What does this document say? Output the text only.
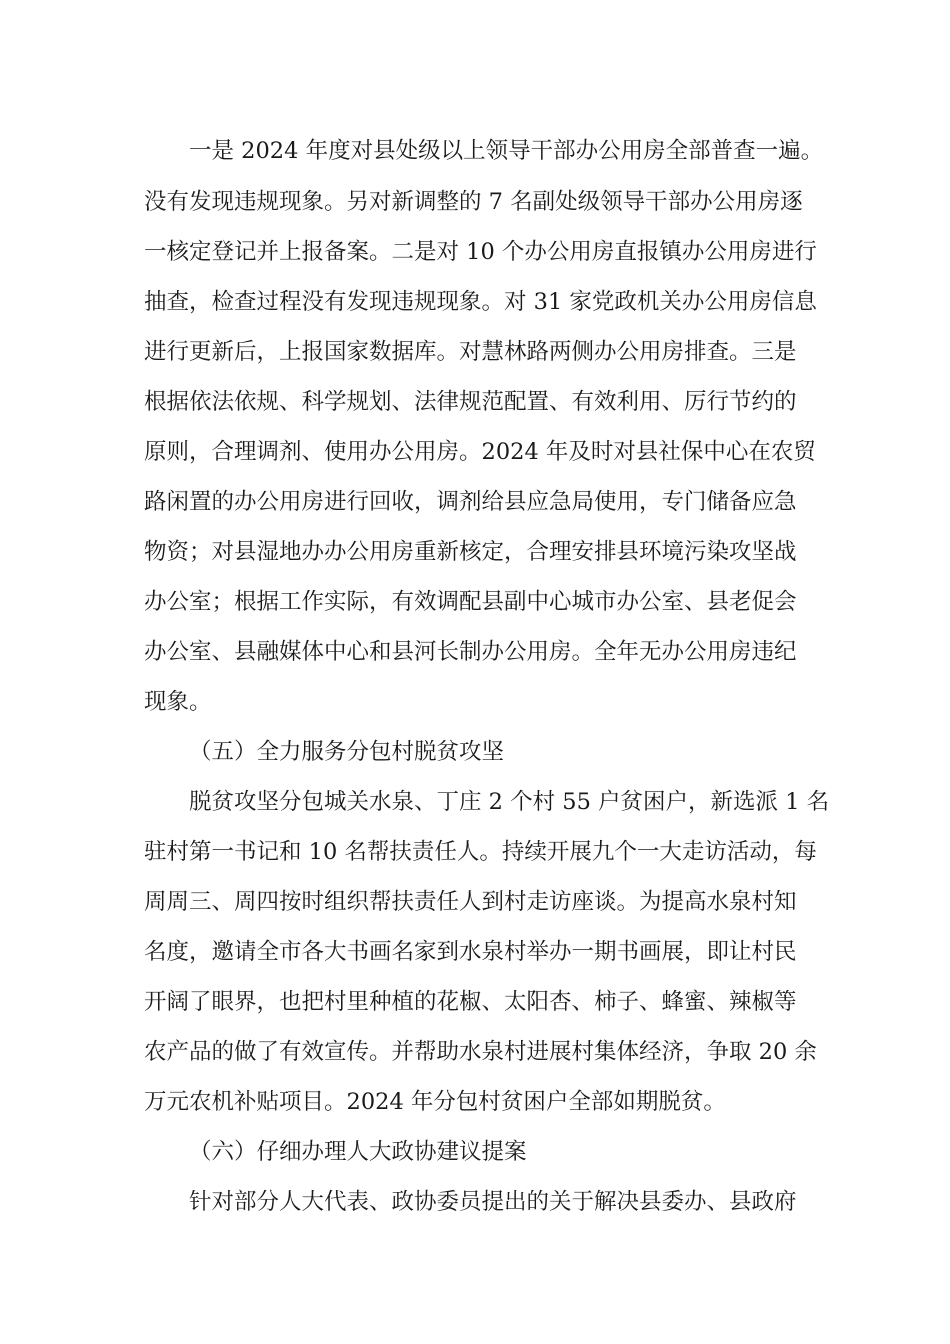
一是 2024 年度对县处级以上领导干部办公用房全部普查一遍。
没有发现违规现象。另对新调整的 7 名副处级领导干部办公用房逐
一核定登记并上报备案。二是对 10 个办公用房直报镇办公用房进行
抽查，检查过程没有发现违规现象。对 31 家党政机关办公用房信息
进行更新后，上报国家数据库。对慧林路两侧办公用房排查。三是
根据依法依规、科学规划、法律规范配置、有效利用、厉行节约的
原则，合理调剂、使用办公用房。2024 年及时对县社保中心在农贸
路闲置的办公用房进行回收，调剂给县应急局使用，专门储备应急
物资；对县湿地办办公用房重新核定，合理安排县环境污染攻坚战
办公室；根据工作实际，有效调配县副中心城市办公室、县老促会
办公室、县融媒体中心和县河长制办公用房。全年无办公用房违纪
现象。
（五）全力服务分包村脱贫攻坚
脱贫攻坚分包城关水泉、丁庄 2 个村 55 户贫困户，新选派 1 名
驻村第一书记和 10 名帮扶责任人。持续开展九个一大走访活动，每
周周三、周四按时组织帮扶责任人到村走访座谈。为提高水泉村知
名度，邀请全市各大书画名家到水泉村举办一期书画展，即让村民
开阔了眼界，也把村里种植的花椒、太阳杏、柿子、蜂蜜、辣椒等
农产品的做了有效宣传。并帮助水泉村进展村集体经济，争取 20 余
万元农机补贴项目。2024 年分包村贫困户全部如期脱贫。
（六）仔细办理人大政协建议提案
针对部分人大代表、政协委员提出的关于解决县委办、县政府
